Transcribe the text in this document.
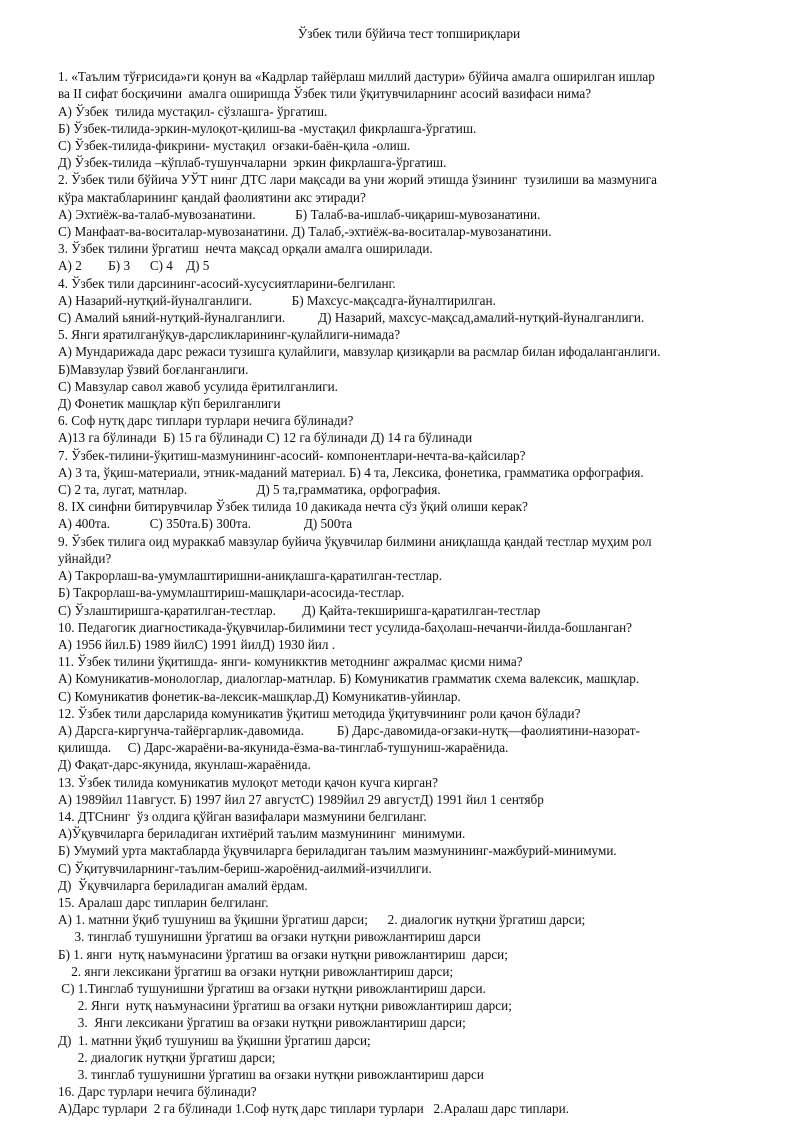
Ўзбек тили бўйича тест топшириқлари
1. «Таълим тўғрисида»ги қонун ва «Кадрлар тайёрлаш миллий дастури» бўйича амалга оширилган ишлар
ва II сифат босқичини  амалга оширишда Ўзбек тили ўқитувчиларнинг асосий вазифаси нима?
А) Ўзбек  тилида мустақил- сўзлашга- ўргатиш.
Б) Ўзбек-тилида-эркин-мулоқот-қилиш-ва -мустақил фикрлашга-ўргатиш.
С) Ўзбек-тилида-фикрини- мустақил  оғзаки-баён-қила -олиш.
Д) Ўзбек-тилида –кўплаб-тушунчаларни  эркин фикрлашга-ўргатиш.
2. Ўзбек тили бўйича УЎТ нинг ДТС лари мақсади ва уни жорий этишда ўзининг  тузилиши ва мазмунига
кўра мактабларининг қандай фаолиятини акс этиради?
А) Эхтиёж-ва-талаб-мувозанатини.            Б) Талаб-ва-ишлаб-чиқариш-мувозанатини.
С) Манфаат-ва-воситалар-мувозанатини. Д) Талаб,-эхтиёж-ва-воситалар-мувозанатини.
3. Ўзбек тилини ўргатиш  нечта мақсад орқали амалга оширилади.
А) 2        Б) 3      С) 4    Д) 5
4. Ўзбек тили дарсининг-асосий-хусусиятларини-белгиланг.
А) Назарий-нутқий-йуналганлиги.            Б) Махсус-мақсадга-йуналтирилган.
С) Амалий ьяний-нутқий-йуналганлиги.          Д) Назарий, махсус-мақсад,амалий-нутқий-йуналганлиги.
5. Янги яратилганўқув-дарсликларининг-қулайлиги-нимада?
А) Мундарижада дарс режаси тузишга қулайлиги, мавзулар қизиқарли ва расмлар билан ифодаланганлиги.
Б)Мавзулар ўзвий боғланганлиги.
С) Мавзулар савол жавоб усулида ёритилганлиги.
Д) Фонетик машқлар кўп берилганлиги
6. Соф нутқ дарс типлари турлари нечига бўлинади?
А)13 га бўлинади  Б) 15 га бўлинади С) 12 га бўлинади Д) 14 га бўлинади
7. Ўзбек-тилини-ўқитиш-мазмунининг-асосий- компонентлари-нечта-ва-қайсилар?
А) 3 та, ўқиш-материали, этник-маданий материал. Б) 4 та, Лексика, фонетика, грамматика орфография.
С) 2 та, лугат, матнлар.                     Д) 5 та,грамматика, орфография.
8. IX синфни битирувчилар Ўзбек тилида 10 дакикада нечта сўз ўқий олиши керак?
А) 400та.            С) 350та.Б) 300та.                Д) 500та
9. Ўзбек тилига оид мураккаб мавзулар буйича ўқувчилар билмини аниқлашда қандай тестлар муҳим рол
уйнайди?
А) Такрорлаш-ва-умумлаштиришни-аниқлашга-қаратилган-тестлар.
Б) Такрорлаш-ва-умумлаштириш-машқлари-асосида-тестлар.
С) Ўзлаштиришга-қаратилган-тестлар.        Д) Қайта-текширишга-қаратилган-тестлар
10. Педагогик диагностикада-ўқувчилар-билимини тест усулида-баҳолаш-нечанчи-йилда-бошланган?
А) 1956 йил.Б) 1989 йилС) 1991 йилД) 1930 йил .
11. Ўзбек тилини ўқитишда- янги- комуникктив методнинг ажралмас қисми нима?
А) Комуникатив-монологлар, диалоглар-матнлар. Б) Комуникатив грамматик схема валексик, машқлар.
С) Комуникатив фонетик-ва-лексик-машқлар.Д) Комуникатив-уйинлар.
12. Ўзбек тили дарсларида комуникатив ўқитиш методида ўқитувчининг роли қачон бўлади?
А) Дарсга-киргунча-тайёргарлик-давомида.          Б) Дарс-давомида-оғзаки-нутқ—фаолиятини-назорат-
қилишда.     С) Дарс-жараёни-ва-якунида-ёзма-ва-тинглаб-тушуниш-жараёнида.
Д) Фақат-дарс-якунида, якунлаш-жараёнида.
13. Ўзбек тилида комуникатив мулоқот методи қачон кучга кирган?
А) 1989йил 11август. Б) 1997 йил 27 августС) 1989йил 29 августД) 1991 йил 1 сентябр
14. ДТСнинг  ўз олдига қўйган вазифалари мазмунини белгиланг.
А)Ўқувчиларга бериладиган ихтиёрий таълим мазмунининг  минимуми.
Б) Умумий урта мактабларда ўқувчиларга бериладиган таълим мазмунининг-мажбурий-минимуми.
С) Ўқитувчиларнинг-таълим-бериш-жароёнид-аилмий-изчиллиги.
Д)  Ўқувчиларга бериладиган амалий ёрдам.
15. Аралаш дарс типларин белгиланг.
А) 1. матнни ўқиб тушуниш ва ўқишни ўргатиш дарси;      2. диалогик нутқни ўргатиш дарси;
3. тинглаб тушунишни ўргатиш ва оғзаки нутқни ривожлантириш дарси
Б) 1. янги  нутқ наъмунасини ўргатиш ва оғзаки нутқни ривожлантириш  дарси;
2. янги лексикани ўргатиш ва оғзаки нутқни ривожлантириш дарси;
С) 1.Тинглаб тушунишни ўргатиш ва оғзаки нутқни ривожлантириш дарси.
2. Янги  нутқ наъмунасини ўргатиш ва оғзаки нутқни ривожлантириш дарси;
3.  Янги лексикани ўргатиш ва оғзаки нутқни ривожлантириш дарси;
Д)  1. матнни ўқиб тушуниш ва ўқишни ўргатиш дарси;
2. диалогик нутқни ўргатиш дарси;
3. тинглаб тушунишни ўргатиш ва оғзаки нутқни ривожлантириш дарси
16. Дарс турлари нечига бўлинади?
А)Дарс турлари  2 га бўлинади 1.Соф нутқ дарс типлари турлари   2.Аралаш дарс типлари.
